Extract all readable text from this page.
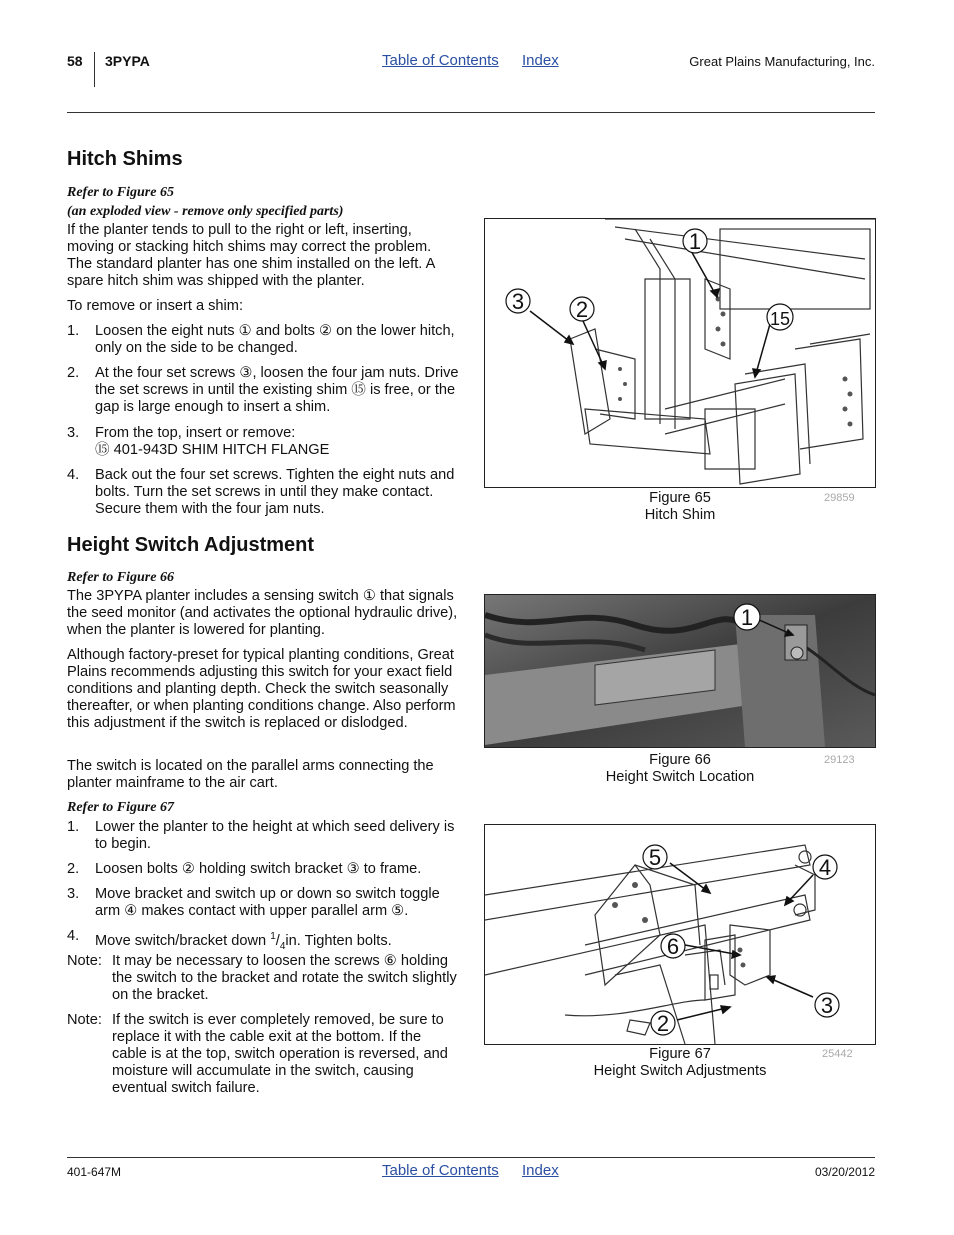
58 3PYPA	Table of Contents Index	Great Plains Manufacturing, Inc.
Hitch Shims
Refer to Figure 65
(an exploded view - remove only specified parts)
If the planter tends to pull to the right or left, inserting, moving or stacking hitch shims may correct the problem. The standard planter has one shim installed on the left. A spare hitch shim was shipped with the planter.
To remove or insert a shim:
1. Loosen the eight nuts ① and bolts ② on the lower hitch, only on the side to be changed.
2. At the four set screws ③, loosen the four jam nuts. Drive the set screws in until the existing shim ⑮ is free, or the gap is large enough to insert a shim.
3. From the top, insert or remove:
⑮ 401-943D SHIM HITCH FLANGE
4. Back out the four set screws. Tighten the eight nuts and bolts. Turn the set screws in until they make contact. Secure them with the four jam nuts.
Height Switch Adjustment
Refer to Figure 66
The 3PYPA planter includes a sensing switch ① that signals the seed monitor (and activates the optional hydraulic drive), when the planter is lowered for planting.
Although factory-preset for typical planting conditions, Great Plains recommends adjusting this switch for your exact field conditions and planting depth. Check the switch seasonally thereafter, or when planting conditions change. Also perform this adjustment if the switch is replaced or dislodged.
The switch is located on the parallel arms connecting the planter mainframe to the air cart.
Refer to Figure 67
1. Lower the planter to the height at which seed delivery is to begin.
2. Loosen bolts ② holding switch bracket ③ to frame.
3. Move bracket and switch up or down so switch toggle arm ④ makes contact with upper parallel arm ⑤.
4. Move switch/bracket down $^1/_4in$. Tighten bolts.
Note: It may be necessary to loosen the screws ⑥ holding the switch to the bracket and rotate the switch slightly on the bracket.
Note: If the switch is ever completely removed, be sure to replace it with the cable exit at the bottom. If the cable is at the top, switch operation is reversed, and moisture will accumulate in the switch, causing eventual switch failure.
1
3 2	15
Figure 65
Hitch Shim
29859
1
Figure 66
Height Switch Location
29123
5	4
6
3
2
Figure 67
Height Switch Adjustments
25442
401-647M	Table of Contents Index	03/20/2012
